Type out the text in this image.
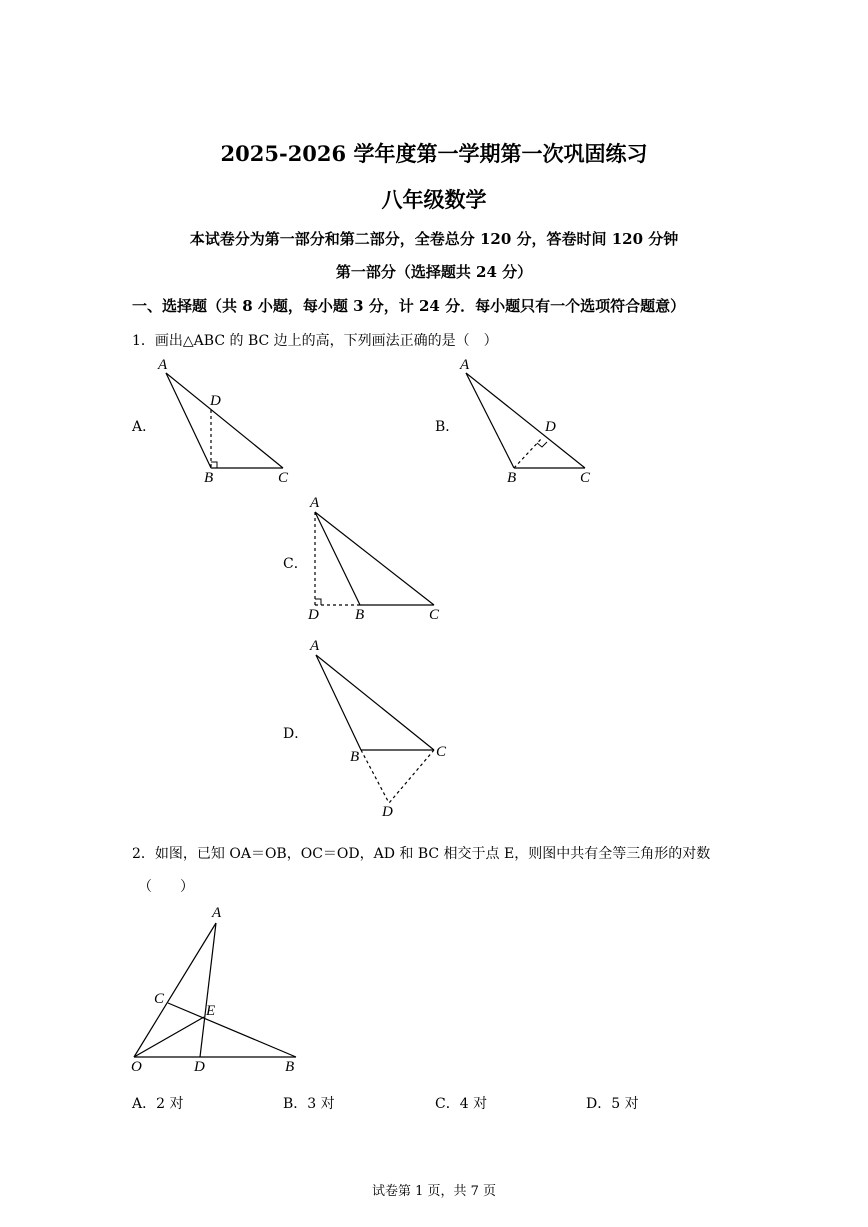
2025-2026 学年度第一学期第一次巩固练习
八年级数学
本试卷分为第一部分和第二部分，全卷总分 120 分，答卷时间 120 分钟
第一部分（选择题共 24 分）
一、选择题（共 8 小题，每小题 3 分，计 24 分．每小题只有一个选项符合题意）
1．画出△ABC 的 BC 边上的高，下列画法正确的是（　）
A．
A
D
B	C
B．
A
D
B	C
C．
A
D B	C
D．
A
B	C
D
2．如图，已知 OA＝OB，OC＝OD，AD 和 BC 相交于点 E，则图中共有全等三角形的对数
（　　）
A
C
E
O	D	B
A．2 对	B．3 对	C．4 对	D．5 对
试卷第 1 页，共 7 页
